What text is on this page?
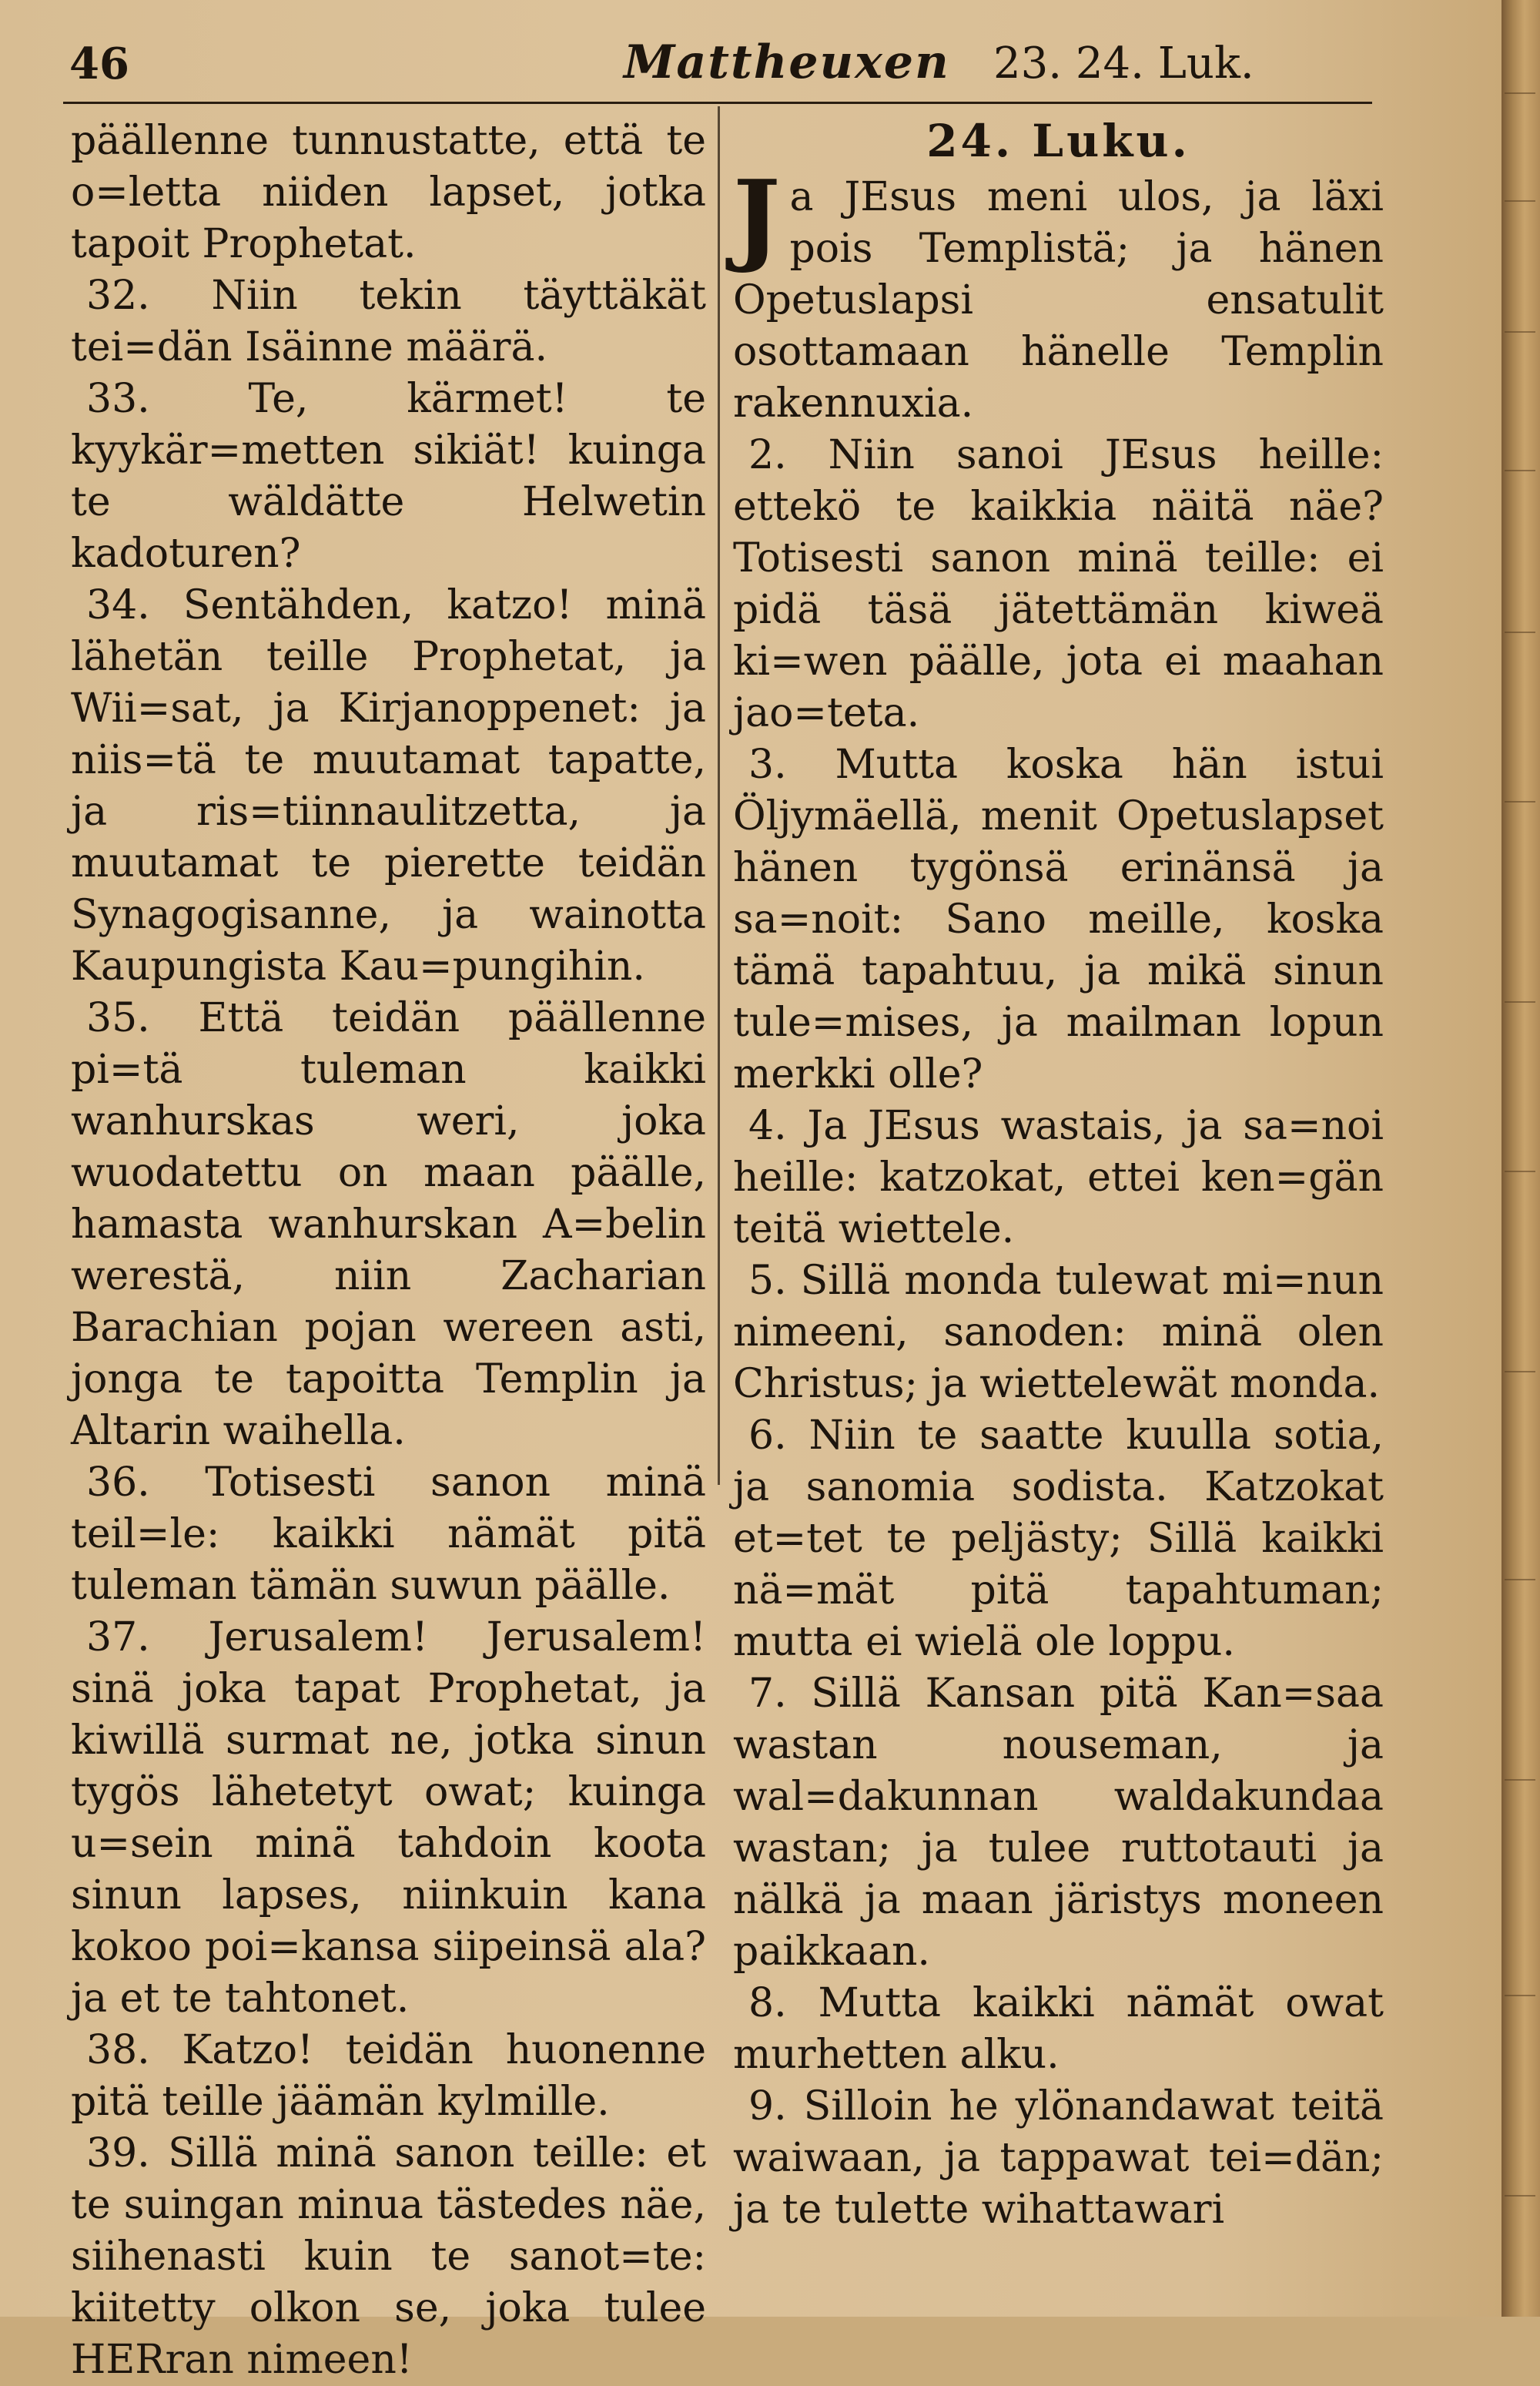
46	Mattheuxen 23. 24. Luk.

päällenne tunnustatte, että te o=letta niiden lapset, jotka tapoit Prophetat.

32. Niin tekin täyttäkät tei=dän Isäinne määrä.

33. Te, kärmet! te kyykär=metten sikiät! kuinga te wäldätte Helwetin kadoturen?

34. Sentähden, katzo! minä lähetän teille Prophetat, ja Wii=sat, ja Kirjanoppenet: ja niis=tä te muutamat tapatte, ja ris=tiinnaulitzetta, ja muutamat te pierette teidän Synagogisanne, ja wainotta Kaupungista Kau=pungihin.

35. Että teidän päällenne pi=tä tuleman kaikki wanhurskas weri, joka wuodatettu on maan päälle, hamasta wanhurskan A=belin werestä, niin Zacharian Barachian pojan wereen asti, jonga te tapoitta Templin ja Altarin waihella.

36. Totisesti sanon minä teil=le: kaikki nämät pitä tuleman tämän suwun päälle.

37. Jerusalem! Jerusalem! sinä joka tapat Prophetat, ja kiwillä surmat ne, jotka sinun tygös lähetetyt owat; kuinga u=sein minä tahdoin koota sinun lapses, niinkuin kana kokoo poi=kansa siipeinsä ala? ja et te tahtonet.

38. Katzo! teidän huonenne pitä teille jäämän kylmille.

39. Sillä minä sanon teille: et te suingan minua tästedes näe, siihenasti kuin te sanot=te: kiitetty olkon se, joka tulee HERran nimeen!

24. Luku.

Ja JEsus meni ulos, ja läxi pois Templistä; ja hänen Opetuslapsi ensatulit osottamaan hänelle Templin rakennuxia.

2. Niin sanoi JEsus heille: ettekö te kaikkia näitä näe? Totisesti sanon minä teille: ei pidä täsä jätettämän kiweä ki=wen päälle, jota ei maahan jao=teta.

3. Mutta koska hän istui Öljymäellä, menit Opetuslapset hänen tygönsä erinänsä ja sa=noit: Sano meille, koska tämä tapahtuu, ja mikä sinun tule=mises, ja mailman lopun merkki olle?

4. Ja JEsus wastais, ja sa=noi heille: katzokat, ettei ken=gän teitä wiettele.

5. Sillä monda tulewat mi=nun nimeeni, sanoden: minä olen Christus; ja wiettelewät monda.

6. Niin te saatte kuulla sotia, ja sanomia sodista. Katzokat et=tet te peljästy; Sillä kaikki nä=mät pitä tapahtuman; mutta ei wielä ole loppu.

7. Sillä Kansan pitä Kan=saa wastan nouseman, ja wal=dakunnan waldakundaa wastan; ja tulee ruttotauti ja nälkä ja maan järistys moneen paikkaan.

8. Mutta kaikki nämät owat murhetten alku.

9. Silloin he ylönandawat teitä waiwaan, ja tappawat tei=dän; ja te tulette wihattawari
